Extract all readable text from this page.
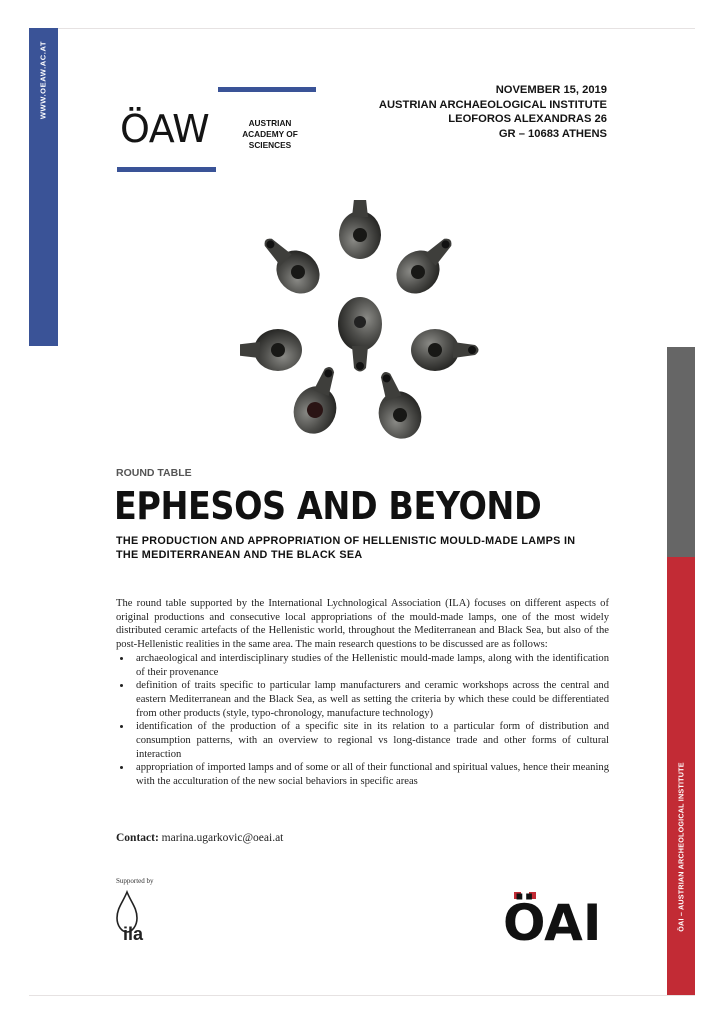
WWW.OEAW.AC.AT
ÖAI – AUSTRIAN ARCHEOLOGICAL INSTITUTE
ÖAW	AUSTRIAN
ACADEMY OF
SCIENCES
NOVEMBER 15, 2019
AUSTRIAN ARCHAEOLOGICAL INSTITUTE
LEOFOROS ALEXANDRAS 26
GR – 10683 ATHENS
ROUND TABLE
EPHESOS AND BEYOND
THE PRODUCTION AND APPROPRIATION OF HELLENISTIC MOULD-MADE LAMPS IN THE MEDITERRANEAN AND THE BLACK SEA
The round table supported by the International Lychnological Association (ILA) focuses on different aspects of original productions and consecutive local appropriations of the mould-made lamps, one of the most widely distributed ceramic artefacts of the Hellenistic world, throughout the Mediterranean and Black Sea, but also of the post-Hellenistic realities in the same area. The main research questions to be discussed are as follows:
• archaeological and interdisciplinary studies of the Hellenistic mould-made lamps, along with the identification of their provenance
• definition of traits specific to particular lamp manufacturers and ceramic workshops across the central and eastern Mediterranean and the Black Sea, as well as setting the criteria by which these could be differentiated from other products (style, typo-chronology, manufacture technology)
• identification of the production of a specific site in its relation to a particular form of distribution and consumption patterns, with an overview to regional vs long-distance trade and other forms of cultural interaction
• appropriation of imported lamps and of some or all of their functional and spiritual values, hence their meaning with the acculturation of the new social behaviors in specific areas
Contact: marina.ugarkovic@oeai.at
Supported by
ila	ÖAI
